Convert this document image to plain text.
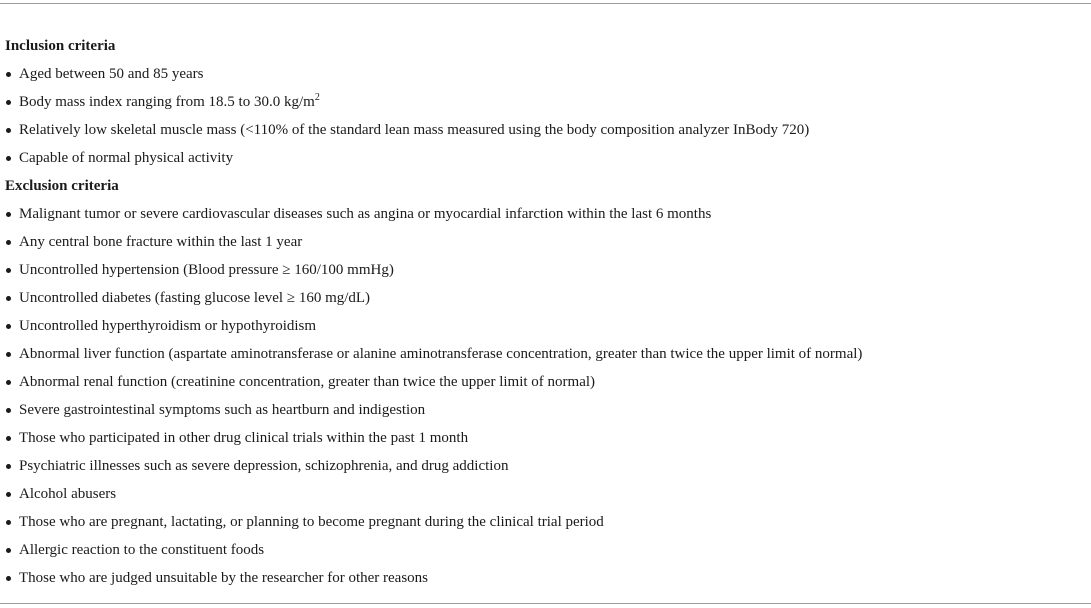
Inclusion criteria
Aged between 50 and 85 years
Body mass index ranging from 18.5 to 30.0 $kg/m^2$
Relatively low skeletal muscle mass (<110% of the standard lean mass measured using the body composition analyzer InBody 720)
Capable of normal physical activity
Exclusion criteria
Malignant tumor or severe cardiovascular diseases such as angina or myocardial infarction within the last 6 months
Any central bone fracture within the last 1 year
Uncontrolled hypertension (Blood pressure ≥ 160/100 mmHg)
Uncontrolled diabetes (fasting glucose level ≥ 160 mg/dL)
Uncontrolled hyperthyroidism or hypothyroidism
Abnormal liver function (aspartate aminotransferase or alanine aminotransferase concentration, greater than twice the upper limit of normal)
Abnormal renal function (creatinine concentration, greater than twice the upper limit of normal)
Severe gastrointestinal symptoms such as heartburn and indigestion
Those who participated in other drug clinical trials within the past 1 month
Psychiatric illnesses such as severe depression, schizophrenia, and drug addiction
Alcohol abusers
Those who are pregnant, lactating, or planning to become pregnant during the clinical trial period
Allergic reaction to the constituent foods
Those who are judged unsuitable by the researcher for other reasons
